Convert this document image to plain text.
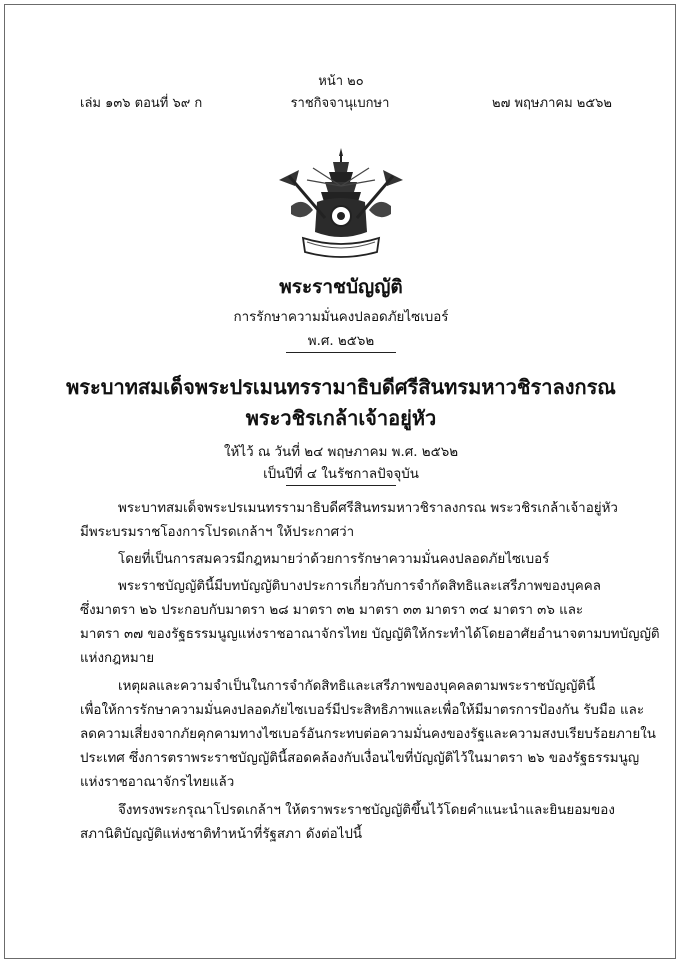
หน้า ๒๐
เล่ม ๑๓๖ ตอนที่ ๖๙ ก	ราชกิจจานุเบกษา	๒๗ พฤษภาคม ๒๕๖๒
พระราชบัญญัติ
การรักษาความมั่นคงปลอดภัยไซเบอร์
พ.ศ. ๒๕๖๒
พระบาทสมเด็จพระปรเมนทรรามาธิบดีศรีสินทรมหาวชิราลงกรณ
พระวชิรเกล้าเจ้าอยู่หัว
ให้ไว้ ณ วันที่ ๒๔ พฤษภาคม พ.ศ. ๒๕๖๒
เป็นปีที่ ๔ ในรัชกาลปัจจุบัน
พระบาทสมเด็จพระปรเมนทรรามาธิบดีศรีสินทรมหาวชิราลงกรณ พระวชิรเกล้าเจ้าอยู่หัว
มีพระบรมราชโองการโปรดเกล้าฯ ให้ประกาศว่า
โดยที่เป็นการสมควรมีกฎหมายว่าด้วยการรักษาความมั่นคงปลอดภัยไซเบอร์
พระราชบัญญัตินี้มีบทบัญญัติบางประการเกี่ยวกับการจำกัดสิทธิและเสรีภาพของบุคคล
ซึ่งมาตรา ๒๖ ประกอบกับมาตรา ๒๘ มาตรา ๓๒ มาตรา ๓๓ มาตรา ๓๔ มาตรา ๓๖ และ
มาตรา ๓๗ ของรัฐธรรมนูญแห่งราชอาณาจักรไทย บัญญัติให้กระทำได้โดยอาศัยอำนาจตามบทบัญญัติ
แห่งกฎหมาย
เหตุผลและความจำเป็นในการจำกัดสิทธิและเสรีภาพของบุคคลตามพระราชบัญญัตินี้
เพื่อให้การรักษาความมั่นคงปลอดภัยไซเบอร์มีประสิทธิภาพและเพื่อให้มีมาตรการป้องกัน รับมือ และ
ลดความเสี่ยงจากภัยคุกคามทางไซเบอร์อันกระทบต่อความมั่นคงของรัฐและความสงบเรียบร้อยภายใน
ประเทศ ซึ่งการตราพระราชบัญญัตินี้สอดคล้องกับเงื่อนไขที่บัญญัติไว้ในมาตรา ๒๖ ของรัฐธรรมนูญ
แห่งราชอาณาจักรไทยแล้ว
จึงทรงพระกรุณาโปรดเกล้าฯ ให้ตราพระราชบัญญัติขึ้นไว้โดยคำแนะนำและยินยอมของ
สภานิติบัญญัติแห่งชาติทำหน้าที่รัฐสภา ดังต่อไปนี้
